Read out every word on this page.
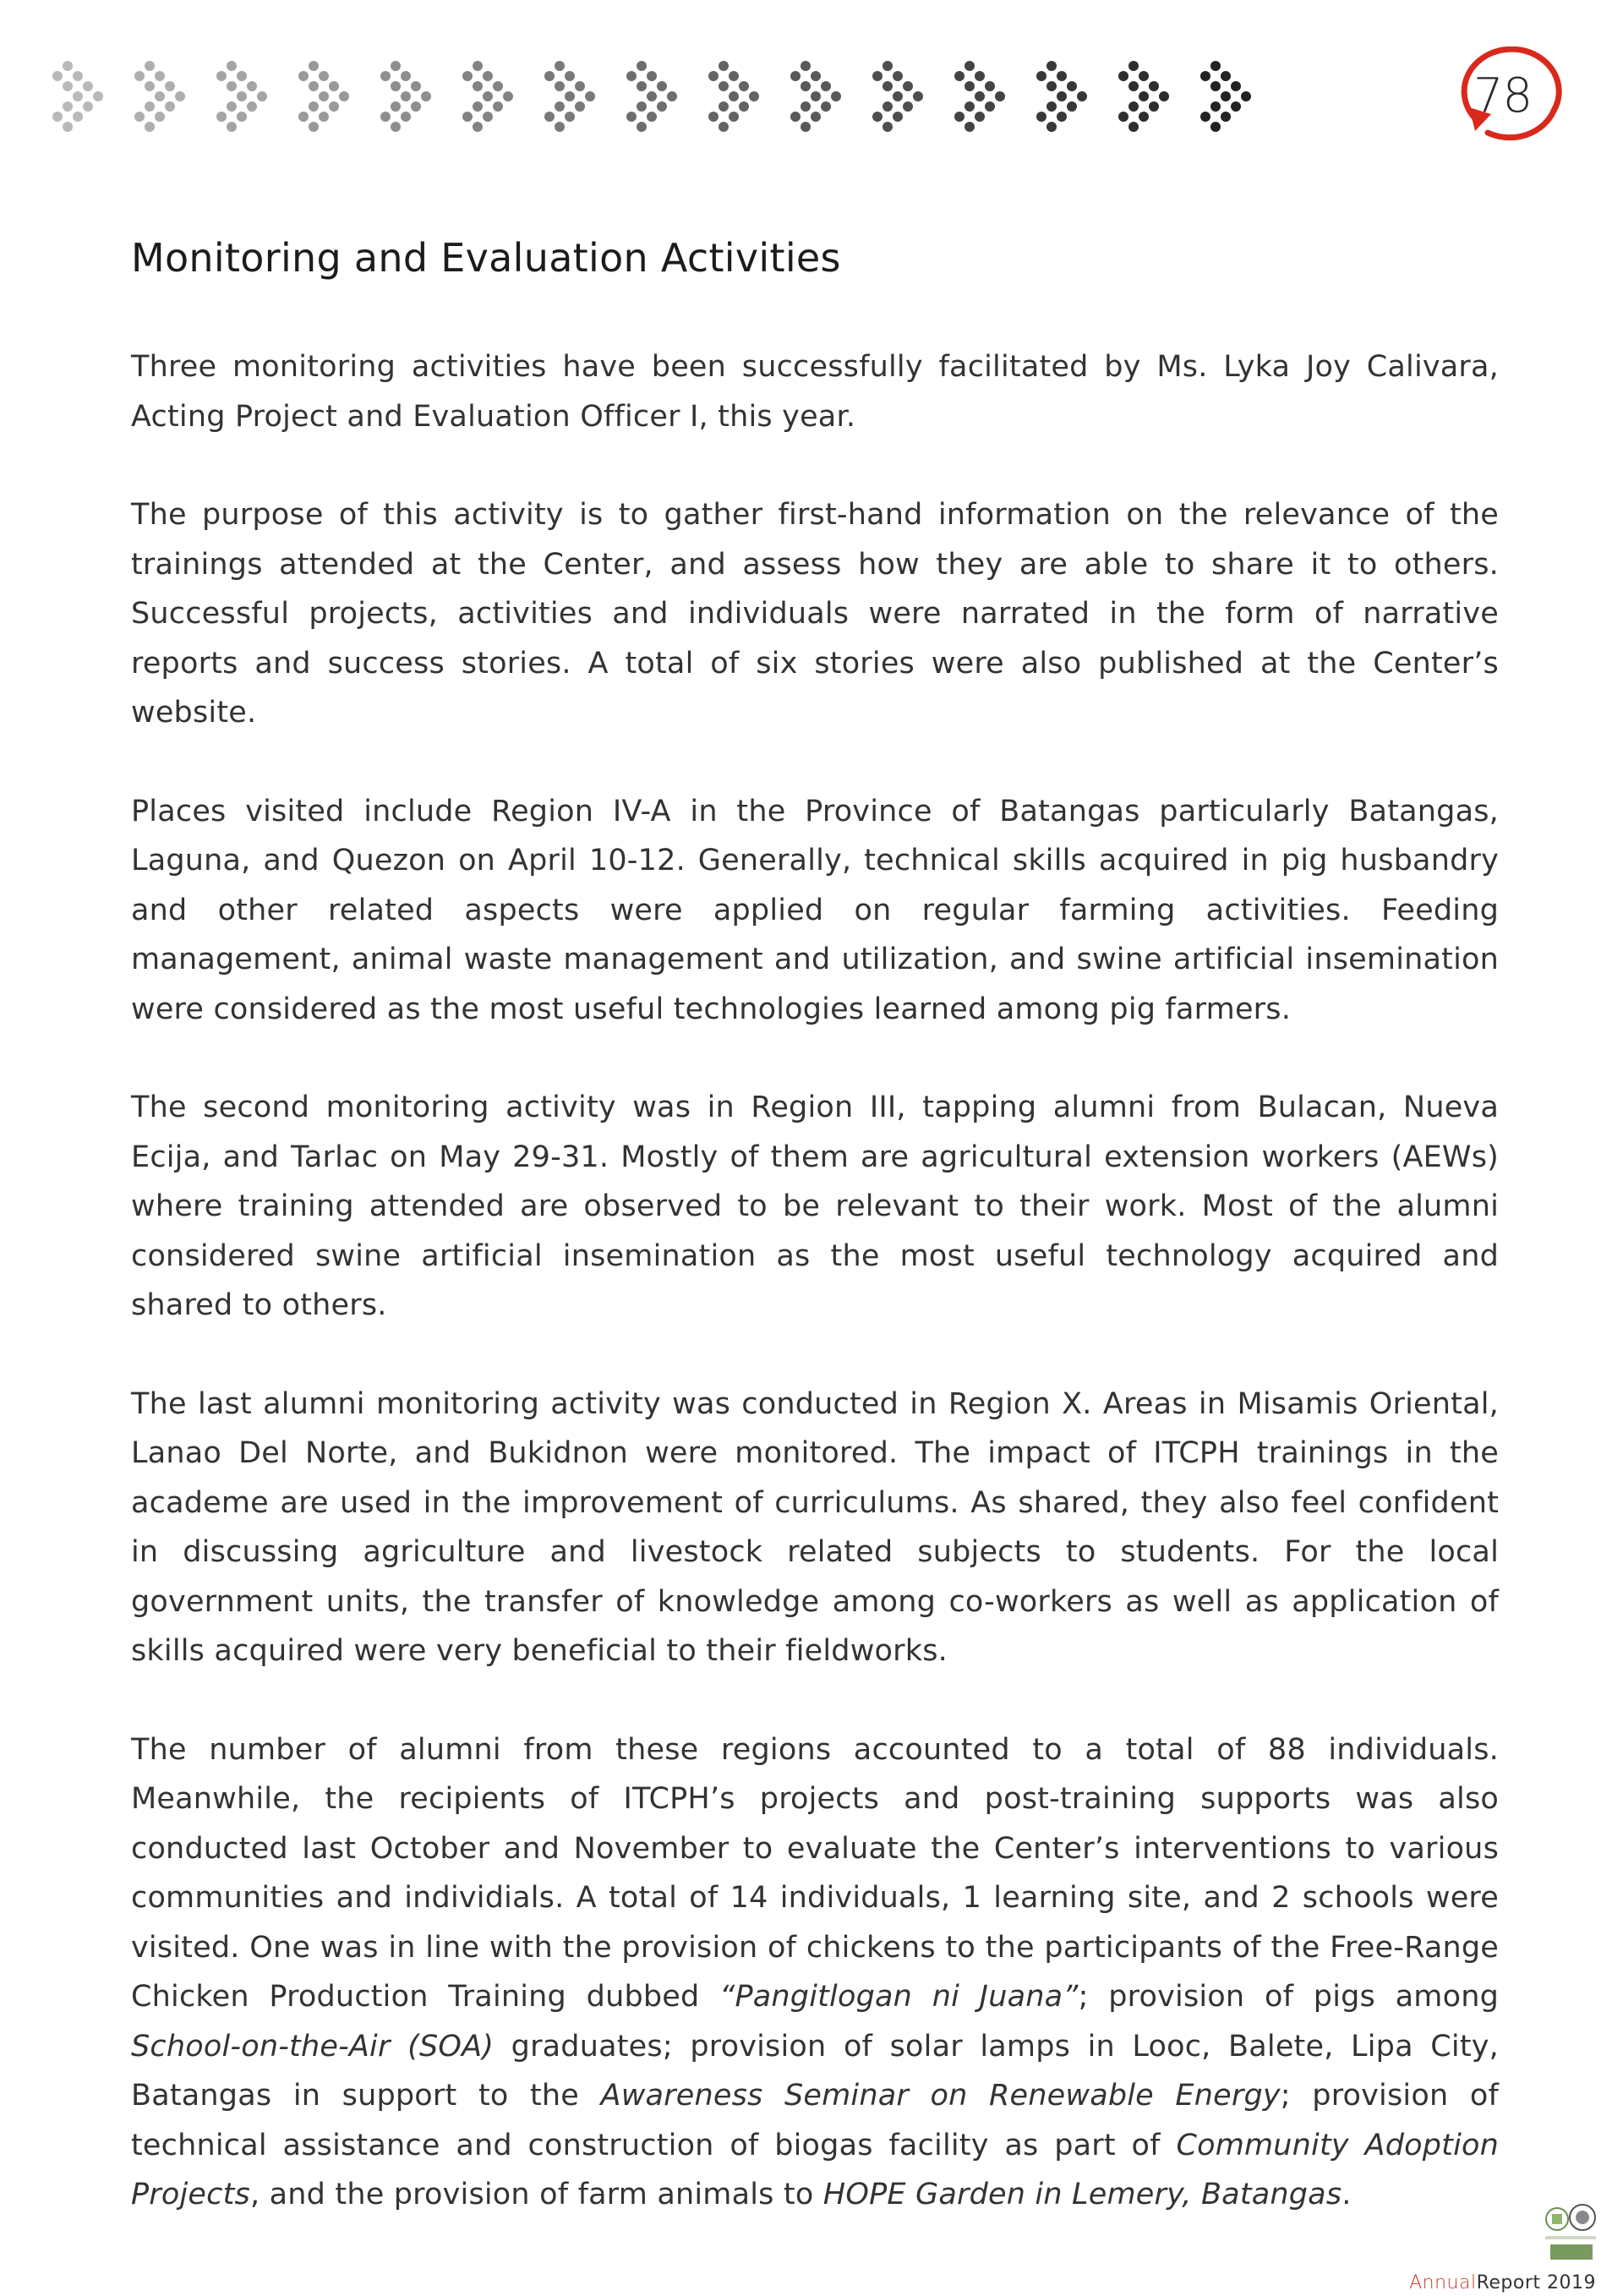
78
Monitoring and Evaluation Activities

Three monitoring activities have been successfully facilitated by Ms. Lyka Joy Calivara, Acting Project and Evaluation Officer I, this year.

The purpose of this activity is to gather first-hand information on the relevance of the trainings attended at the Center, and assess how they are able to share it to others. Successful projects, activities and individuals were narrated in the form of narrative reports and success stories. A total of six stories were also published at the Center’s website.

Places visited include Region IV-A in the Province of Batangas particularly Batangas, Laguna, and Quezon on April 10-12. Generally, technical skills acquired in pig husbandry and other related aspects were applied on regular farming activities. Feeding management, animal waste management and utilization, and swine artificial insemination were considered as the most useful technologies learned among pig farmers.

The second monitoring activity was in Region III, tapping alumni from Bulacan, Nueva Ecija, and Tarlac on May 29-31. Mostly of them are agricultural extension workers (AEWs) where training attended are observed to be relevant to their work. Most of the alumni considered swine artificial insemination as the most useful technology acquired and shared to others.

The last alumni monitoring activity was conducted in Region X. Areas in Misamis Oriental, Lanao Del Norte, and Bukidnon were monitored. The impact of ITCPH trainings in the academe are used in the improvement of curriculums. As shared, they also feel confident in discussing agriculture and livestock related subjects to students. For the local government units, the transfer of knowledge among co-workers as well as application of skills acquired were very beneficial to their fieldworks.

The number of alumni from these regions accounted to a total of 88 individuals. Meanwhile, the recipients of ITCPH’s projects and post-training supports was also conducted last October and November to evaluate the Center’s interventions to various communities and individials. A total of 14 individuals, 1 learning site, and 2 schools were visited. One was in line with the provision of chickens to the participants of the Free-Range Chicken Production Training dubbed “Pangitlogan ni Juana”; provision of pigs among School-on-the-Air (SOA) graduates; provision of solar lamps in Looc, Balete, Lipa City, Batangas in support to the Awareness Seminar on Renewable Energy; provision of technical assistance and construction of biogas facility as part of Community Adoption Projects, and the provision of farm animals to HOPE Garden in Lemery, Batangas.

AnnualReport 2019
